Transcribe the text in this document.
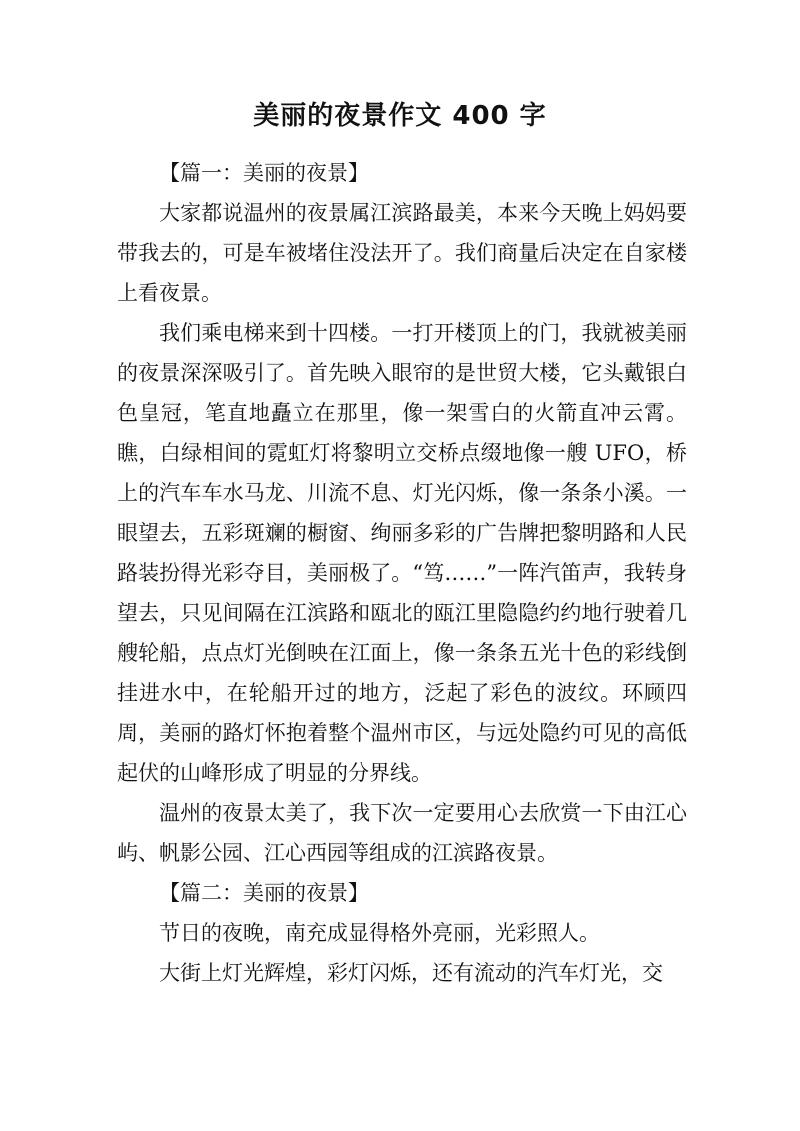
美丽的夜景作文 400 字

【篇一：美丽的夜景】

大家都说温州的夜景属江滨路最美，本来今天晚上妈妈要带我去的，可是车被堵住没法开了。我们商量后决定在自家楼上看夜景。

我们乘电梯来到十四楼。一打开楼顶上的门，我就被美丽的夜景深深吸引了。首先映入眼帘的是世贸大楼，它头戴银白色皇冠，笔直地矗立在那里，像一架雪白的火箭直冲云霄。瞧，白绿相间的霓虹灯将黎明立交桥点缀地像一艘 UFO，桥上的汽车车水马龙、川流不息、灯光闪烁，像一条条小溪。一眼望去，五彩斑斓的橱窗、绚丽多彩的广告牌把黎明路和人民路装扮得光彩夺目，美丽极了。“笃……”一阵汽笛声，我转身望去，只见间隔在江滨路和瓯北的瓯江里隐隐约约地行驶着几艘轮船，点点灯光倒映在江面上，像一条条五光十色的彩线倒挂进水中，在轮船开过的地方，泛起了彩色的波纹。环顾四周，美丽的路灯怀抱着整个温州市区，与远处隐约可见的高低起伏的山峰形成了明显的分界线。

温州的夜景太美了，我下次一定要用心去欣赏一下由江心屿、帆影公园、江心西园等组成的江滨路夜景。

【篇二：美丽的夜景】

节日的夜晚，南充成显得格外亮丽，光彩照人。

大街上灯光辉煌，彩灯闪烁，还有流动的汽车灯光，交
